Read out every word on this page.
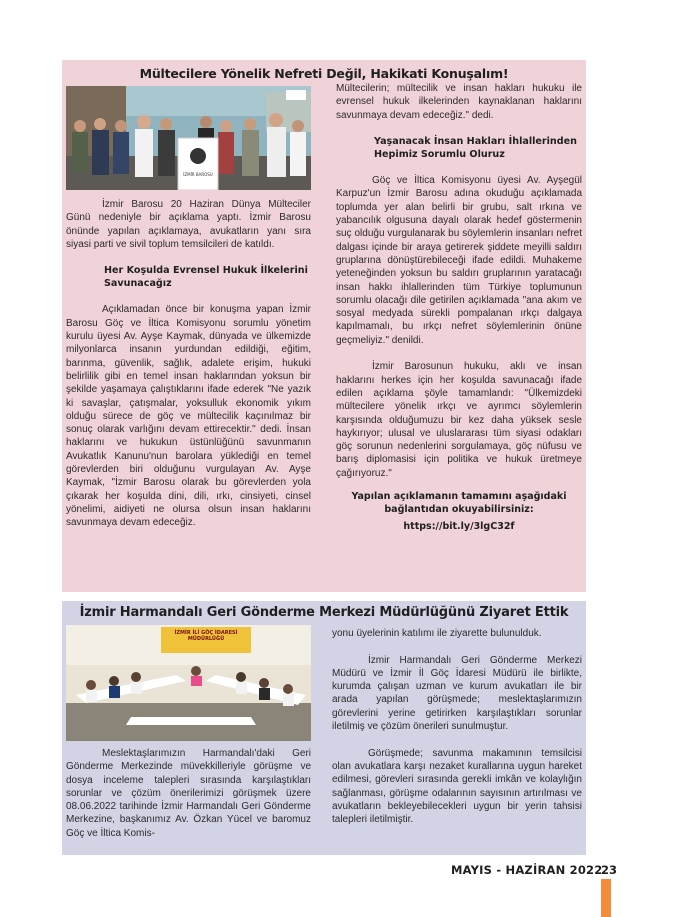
Mültecilere Yönelik Nefreti Değil, Hakikati Konuşalım!
İZMİR BAROSU

İzmir Barosu 20 Haziran Dünya Mülteciler Günü nedeniyle bir açıklama yaptı. İzmir Barosu önünde yapılan açıklamaya, avukatların yanı sıra siyasi parti ve sivil toplum temsilcileri de katıldı.

Her Koşulda Evrensel Hukuk İlkelerini Savunacağız

Açıklamadan önce bir konuşma yapan İzmir Barosu Göç ve İltica Komisyonu sorumlu yönetim kurulu üyesi Av. Ayşe Kaymak, dünyada ve ülkemizde milyonlarca insanın yurdundan edildiği, eğitim, barınma, güvenlik, sağlık, adalete erişim, hukuki belirlilik gibi en temel insan haklarından yoksun bir şekilde yaşamaya çalıştıklarını ifade ederek "Ne yazık ki savaşlar, çatışmalar, yoksulluk ekonomik yıkım olduğu sürece de göç ve mültecilik kaçınılmaz bir sonuç olarak varlığını devam ettirecektir." dedi. İnsan haklarını ve hukukun üstünlüğünü savunmanın Avukatlık Kanunu'nun barolara yüklediği en temel görevlerden biri olduğunu vurgulayan Av. Ayşe Kaymak, "İzmir Barosu olarak bu görevlerden yola çıkarak her koşulda dini, dili, ırkı, cinsiyeti, cinsel yönelimi, aidiyeti ne olursa olsun insan haklarını savunmaya devam edeceğiz.

Mültecilerin; mültecilik ve insan hakları hukuku ile evrensel hukuk ilkelerinden kaynaklanan haklarını savunmaya devam edeceğiz." dedi.

Yaşanacak İnsan Hakları İhlallerinden Hepimiz Sorumlu Oluruz

Göç ve İltica Komisyonu üyesi Av. Ayşegül Karpuz'un İzmir Barosu adına okuduğu açıklamada toplumda yer alan belirli bir grubu, salt ırkına ve yabancılık olgusuna dayalı olarak hedef göstermenin suç olduğu vurgulanarak bu söylemlerin insanları nefret dalgası içinde bir araya getirerek şiddete meyilli saldırı gruplarına dönüştürebileceği ifade edildi. Muhakeme yeteneğinden yoksun bu saldırı gruplarının yaratacağı insan hakkı ihlallerinden tüm Türkiye toplumunun sorumlu olacağı dile getirilen açıklamada "ana akım ve sosyal medyada sürekli pompalanan ırkçı dalgaya kapılmamalı, bu ırkçı nefret söylemlerinin önüne geçmeliyiz." denildi.

İzmir Barosunun hukuku, aklı ve insan haklarını herkes için her koşulda savunacağı ifade edilen açıklama şöyle tamamlandı: "Ülkemizdeki mültecilere yönelik ırkçı ve ayrımcı söylemlerin karşısında olduğumuzu bir kez daha yüksek sesle haykırıyor; ulusal ve uluslararası tüm siyasi odakları göç sorunun nedenlerini sorgulamaya, göç nüfusu ve barış diplomasisi için politika ve hukuk üretmeye çağırıyoruz."

Yapılan açıklamanın tamamını aşağıdaki

bağlantıdan okuyabilirsiniz:

https://bit.ly/3lgC32f

İzmir Harmandalı Geri Gönderme Merkezi Müdürlüğünü Ziyaret Ettik
İZMİR İLİ GÖÇ İDARESİ MÜDÜRLÜĞÜ

Meslektaşlarımızın Harmandalı'daki Geri Gönderme Merkezinde müvekkilleriyle görüşme ve dosya inceleme talepleri sırasında karşılaştıkları sorunlar ve çözüm önerilerimizi görüşmek üzere 08.06.2022 tarihinde İzmir Harmandalı Geri Gönderme Merkezine, başkanımız Av. Özkan Yücel ve baromuz Göç ve İltica Komis-

yonu üyelerinin katılımı ile ziyarette bulunulduk.

İzmir Harmandalı Geri Gönderme Merkezi Müdürü ve İzmir İl Göç İdaresi Müdürü ile birlikte, kurumda çalışan uzman ve kurum avukatları ile bir arada yapılan görüşmede; meslektaşlarımızın görevlerini yerine getirirken karşılaştıkları sorunlar iletilmiş ve çözüm önerileri sunulmuştur.

Görüşmede; savunma makamının temsilcisi olan avukatlara karşı nezaket kurallarına uygun hareket edilmesi, görevleri sırasında gerekli imkân ve kolaylığın sağlanması, görüşme odalarının sayısının artırılması ve avukatların bekleyebilecekleri uygun bir yerin tahsisi talepleri iletilmiştir.

MAYIS - HAZİRAN 2022
23
